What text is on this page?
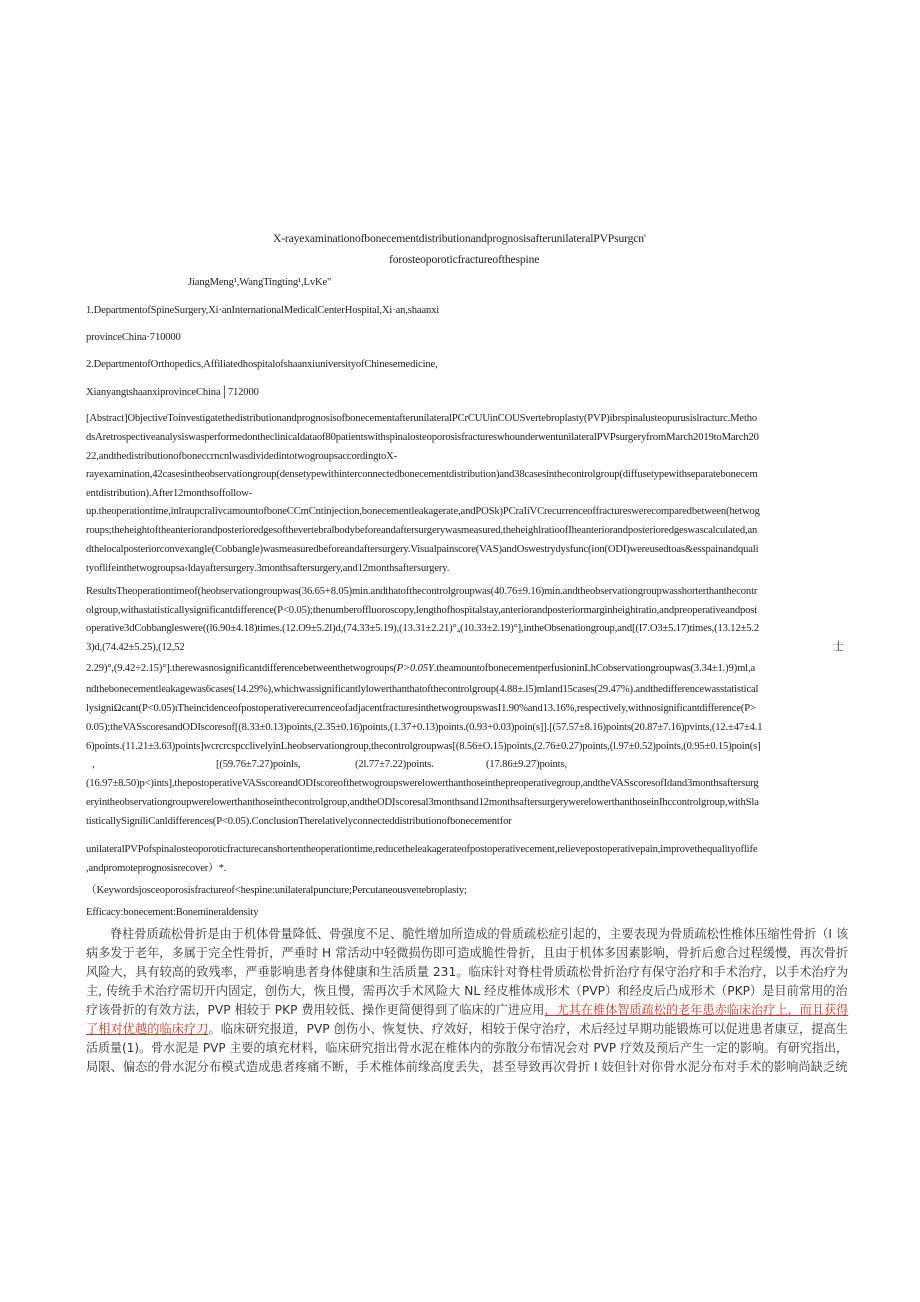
X-rayexaminationofbonecementdistributionandprognosisafterunilateralPVPsurgcn'
forosteoporoticfractureofthespine
JiangMeng¹,WangTingting¹,LvKe"
1.DepartmentofSpineSurgery,Xi·anInternationalMedicalCenterHospital,Xi·an,shaanxi
provinceChina·710000
2.DepartmentofOrthopedics,AffiliatedhospitalofshaanxiuniversityofChinesemedicine,
XianyangtshaanxiprovinceChina│712000
[Abstract]ObjectiveToinvestigatethedistributionandprognosisofbonecementafterunilateralPCrCUUinCOUSvertebroplasty(PVP)ibrspinalusteopurusislracturc.Metho
dsAretrospectiveanalysiswasperformedontheclinicaldataof80patientswithspinalosteoporosisfractureswhounderwentunilateralPVPsurgeryfromMarch2019toMarch20
22,andthedistributionofboneccrncnlwasdividedintotwogroupsaccordingtoX-
rayexamination,42casesintheobservationgroup(densetypewithinterconnectedbonecementdistribution)and38casesinthecontrolgroup(diffusetypewithseparatebonecem
entdistribution).After12monthsoffollow-
up.theoperationtime,inlraupcralivcamountofboneCCmCntinjection,bonecementleakagerate,andPOSk)PCraIiVCrecurrenceoffractureswerecomparedbetween(hetwog
roups;theheightoftheanteriorandposterioredgesofthevertebralbodybeforeandaftersurgerywasmeasured,theheighlratioofIheanteriorandposterioredgeswascalculated,an
dthelocalposteriorconvexangle(Cobbangle)wasmeasuredbeforeandaftersurgery.Visualpainscore(VAS)andOswestrydysfunc(ion(ODI)wereusedtoas&esspainandquali
tyoflifeinthetwogroupsa‹ldayaftersurgery.3monthsaftersurgery,and12monthsaftersurgery.
ResultsTheoperationtimeof(heobservationgroupwas(36.65+8.05)min.andthatofthecontrolgroupwas(40.76±9.16)min.andtheobservationgroupwasshorterthanthecontr
olgroup,withastatisticallysignificantdifference(P<0.05);thenumberoffluoroscopy,lengthofhospitalstay,anteriorandposteriormarginheightratio,andpreoperativeandpost
operative3dCobbangleswere((l6.90±4.18)times.(12.O9±5.2l)d,(74.33±5.19),(13.31±2.21)°₄(10.33±2.19)°],intheObsenationgroup,and[(I7.O3±5.17)times,(13.12±5.2
3)d,(74.42±5.25),(12,52	士
2.29)°,(9.42÷2.15)°].therewasnosignificantdifferencebetweenthetwogroups(P>0.05Y.theamountofbonecementperfusioninLhCobservationgroupwas(3.34±1.)9)ml,a
ndthebonecementleakagewas6cases(14.29%),whichwassignificantlylowerthanthatofthecontrolgroup(4.88±.l5)mland15cases(29.47%).andthedifferencewasstatistical
lysigniΩcant(P<0.05)ιTheincidenceofpostoperativerecurrenceofadjacentfracturesinthetwogroupswasI1.90%and13.16%,respectively,withnosignificantdifference(P>
0.05);theVASscoresandODIscoresof[(8.33±0.13)points,(2.35±0.16)points,(1.37+0.13)points.(0.93+0.03)poin(s]].[(57.57±8.16)points(20.87±7.16)pvints,(12.±47±4.1
6)points.(11.21±3.63)points]wcrcrcspcclivelyinLheobservationgroup,thecontrolgroupwas[(8.56±O.15)points,(2.76±0.27)points,(l.97±0.52)points,(0.95±0.15)poin(s]
,	[(59.76±7.27)poinls,	(2l.77±7.22)points.	(17.86±9.27)points,
(16.97±8.50)p<)ints],thepostoperativeVASscoreandODIscoreofthetwogroupswerelowerthanthoseinthepreoperativegroup,andtheVASscoresofIdand3monthsaftersurg
eryintheobservationgroupwerelowerthanthoseinthecontrolgroup,andtheODIscoresal3monthsand12monthsaftersurgerywerelowerthanthoseinIhccontrolgroup,withSla
tisticallySigniliCanldifferences(P<0.05).ConclusionTherelativelyconnecteddistributionofbonecementfor
unilateralPVPofspinalosteoporoticfracturecanshortentheoperationtime,reducetheleakagerateofpostoperativecement,relievepostoperativepain,improvethequalityoflife
,andpromoteprognosisrecover）*.
（Keywordsjosceoporosisfractureof<hespine:unilateralpuncture;Percutaneousveπebroplasty;
Efficacy:bonecement:Bonemineraldensity
脊柱骨质疏松骨折是由于机体骨量降低、骨强度不足、脆性增加所造成的骨质疏松症引起的，主要表现为骨质疏松性椎体压缩性骨折（I 该
病多发于老年，多属于完全性骨折，严垂时 H 常活动中轻微损伤即可造成脆性骨折，且由于机体多因素影响，骨折后愈合过程缓慢，再次骨折
风险大，具有较高的致残率，严垂影响患者身体健康和生活质量 231。临床针对脊柱骨质疏松骨折治疗有保守治疗和手术治疗，以手术治疗为
主, 传统手术治疗需切开内固定，创伤大，恢且慢，需再次手术风险大 NL 经皮椎体成形术（PVP）和经皮后凸成形术（PKP）是目前常用的治
疗该骨折的有效方法，PVP 相较于 PKP 费用较低、操作更简便得到了临床的广进应用，尤其在椎体智质疏松的老年患赤临床治疗上，而且获得
了相对优越的临床疗刀。临床研究报道，PVP 创伤小、恢复快、疗效好，相较于保守治疗，术后经过早期功能锻炼可以促进患者康豆，提高生
活质量(1)。骨水泥是 PVP 主要的填充材料，临床研究指出骨水泥在椎体内的弥散分布情况会对 PVP 疗效及预后产生一定的影响。有研究指出，
局限、偏态的骨水泥分布模式造成患者疼痛不断，手术椎体前缘高度丢失，甚至导致再次骨折 I 妓但针对你骨水泥分布对手术的影响尚缺乏统
